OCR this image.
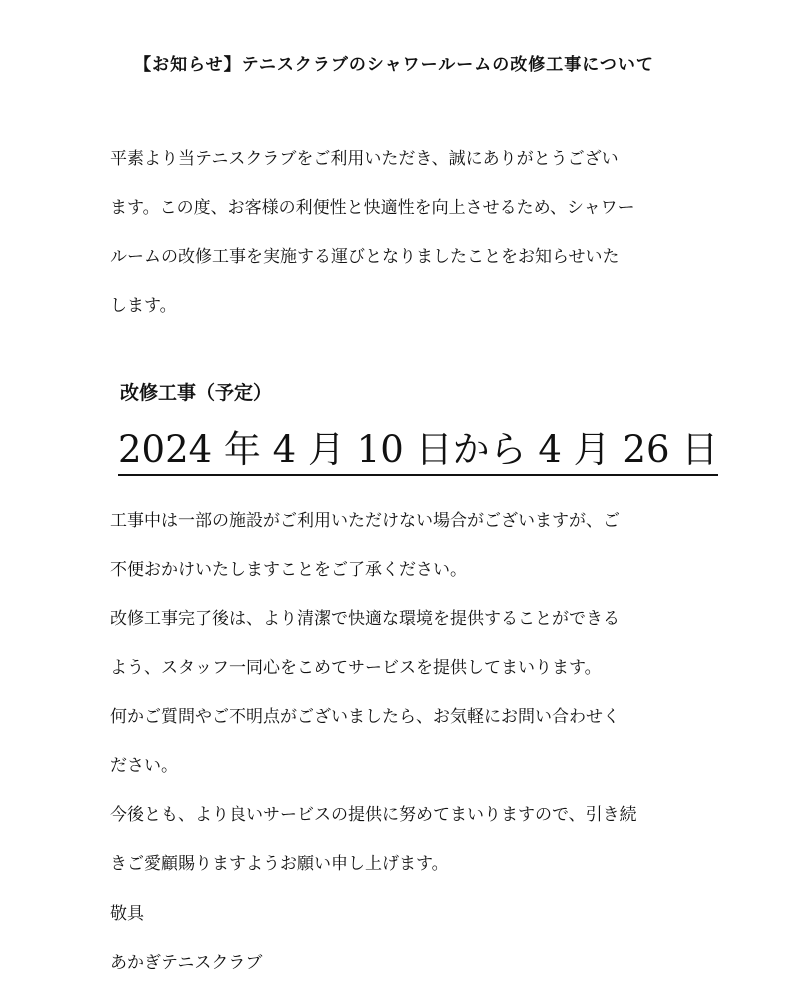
【お知らせ】テニスクラブのシャワールームの改修工事について
平素より当テニスクラブをご利用いただき、誠にありがとうござい
ます。この度、お客様の利便性と快適性を向上させるため、シャワー
ルームの改修工事を実施する運びとなりましたことをお知らせいた
します。
改修工事（予定）
2024 年 4 月 10 日から 4 月 26 日
工事中は一部の施設がご利用いただけない場合がございますが、ご
不便おかけいたしますことをご了承ください。
改修工事完了後は、より清潔で快適な環境を提供することができる
よう、スタッフ一同心をこめてサービスを提供してまいります。
何かご質問やご不明点がございましたら、お気軽にお問い合わせく
ださい。
今後とも、より良いサービスの提供に努めてまいりますので、引き続
きご愛顧賜りますようお願い申し上げます。
敬具
あかぎテニスクラブ
